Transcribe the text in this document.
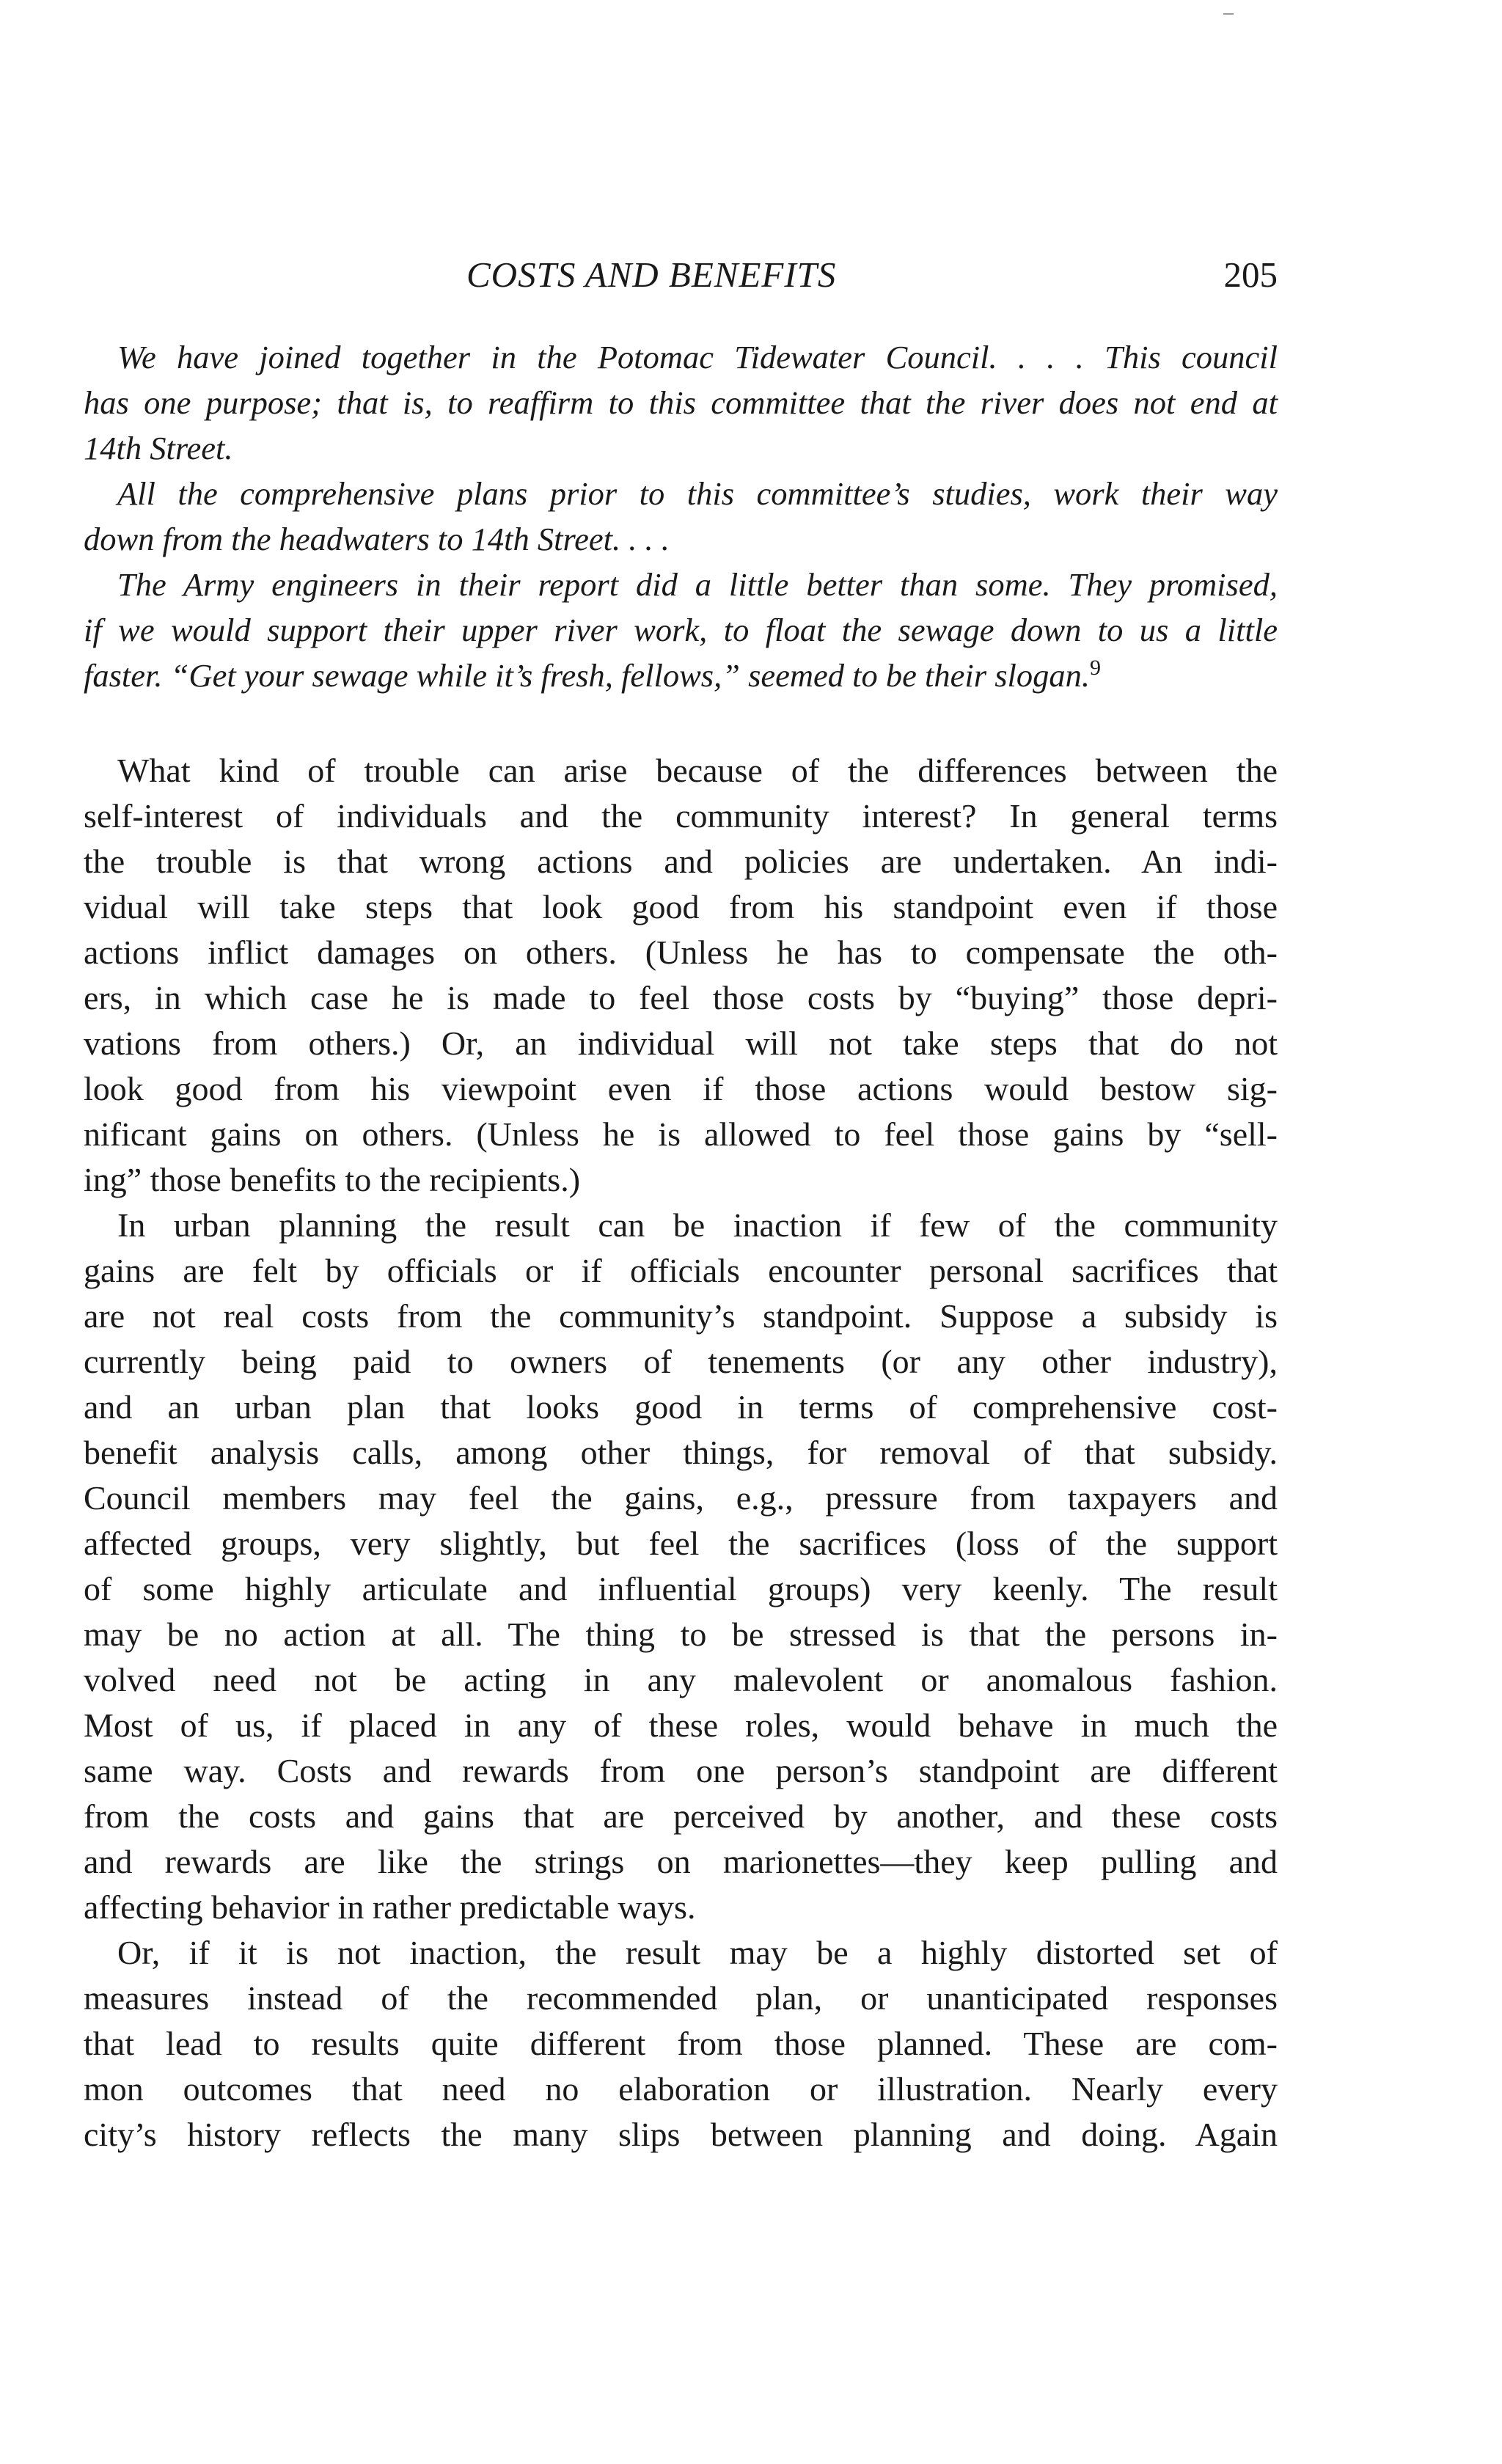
COSTS AND BENEFITS	205

We have joined together in the Potomac Tidewater Council. . . . This council

has one purpose; that is, to reaffirm to this committee that the river does not end at

14th Street.

All the comprehensive plans prior to this committee’s studies, work their way

down from the headwaters to 14th Street. . . .

The Army engineers in their report did a little better than some. They promised,

if we would support their upper river work, to float the sewage down to us a little

faster. “Get your sewage while it’s fresh, fellows,” seemed to be their slogan.$^9$

What kind of trouble can arise because of the differences between the

self-interest of individuals and the community interest? In general terms

the trouble is that wrong actions and policies are undertaken. An indi-

vidual will take steps that look good from his standpoint even if those

actions inflict damages on others. (Unless he has to compensate the oth-

ers, in which case he is made to feel those costs by “buying” those depri-

vations from others.) Or, an individual will not take steps that do not

look good from his viewpoint even if those actions would bestow sig-

nificant gains on others. (Unless he is allowed to feel those gains by “sell-

ing” those benefits to the recipients.)

In urban planning the result can be inaction if few of the community

gains are felt by officials or if officials encounter personal sacrifices that

are not real costs from the community’s standpoint. Suppose a subsidy is

currently being paid to owners of tenements (or any other industry),

and an urban plan that looks good in terms of comprehensive cost-

benefit analysis calls, among other things, for removal of that subsidy.

Council members may feel the gains, e.g., pressure from taxpayers and

affected groups, very slightly, but feel the sacrifices (loss of the support

of some highly articulate and influential groups) very keenly. The result

may be no action at all. The thing to be stressed is that the persons in-

volved need not be acting in any malevolent or anomalous fashion.

Most of us, if placed in any of these roles, would behave in much the

same way. Costs and rewards from one person’s standpoint are different

from the costs and gains that are perceived by another, and these costs

and rewards are like the strings on marionettes—they keep pulling and

affecting behavior in rather predictable ways.

Or, if it is not inaction, the result may be a highly distorted set of

measures instead of the recommended plan, or unanticipated responses

that lead to results quite different from those planned. These are com-

mon outcomes that need no elaboration or illustration. Nearly every

city’s history reflects the many slips between planning and doing. Again
